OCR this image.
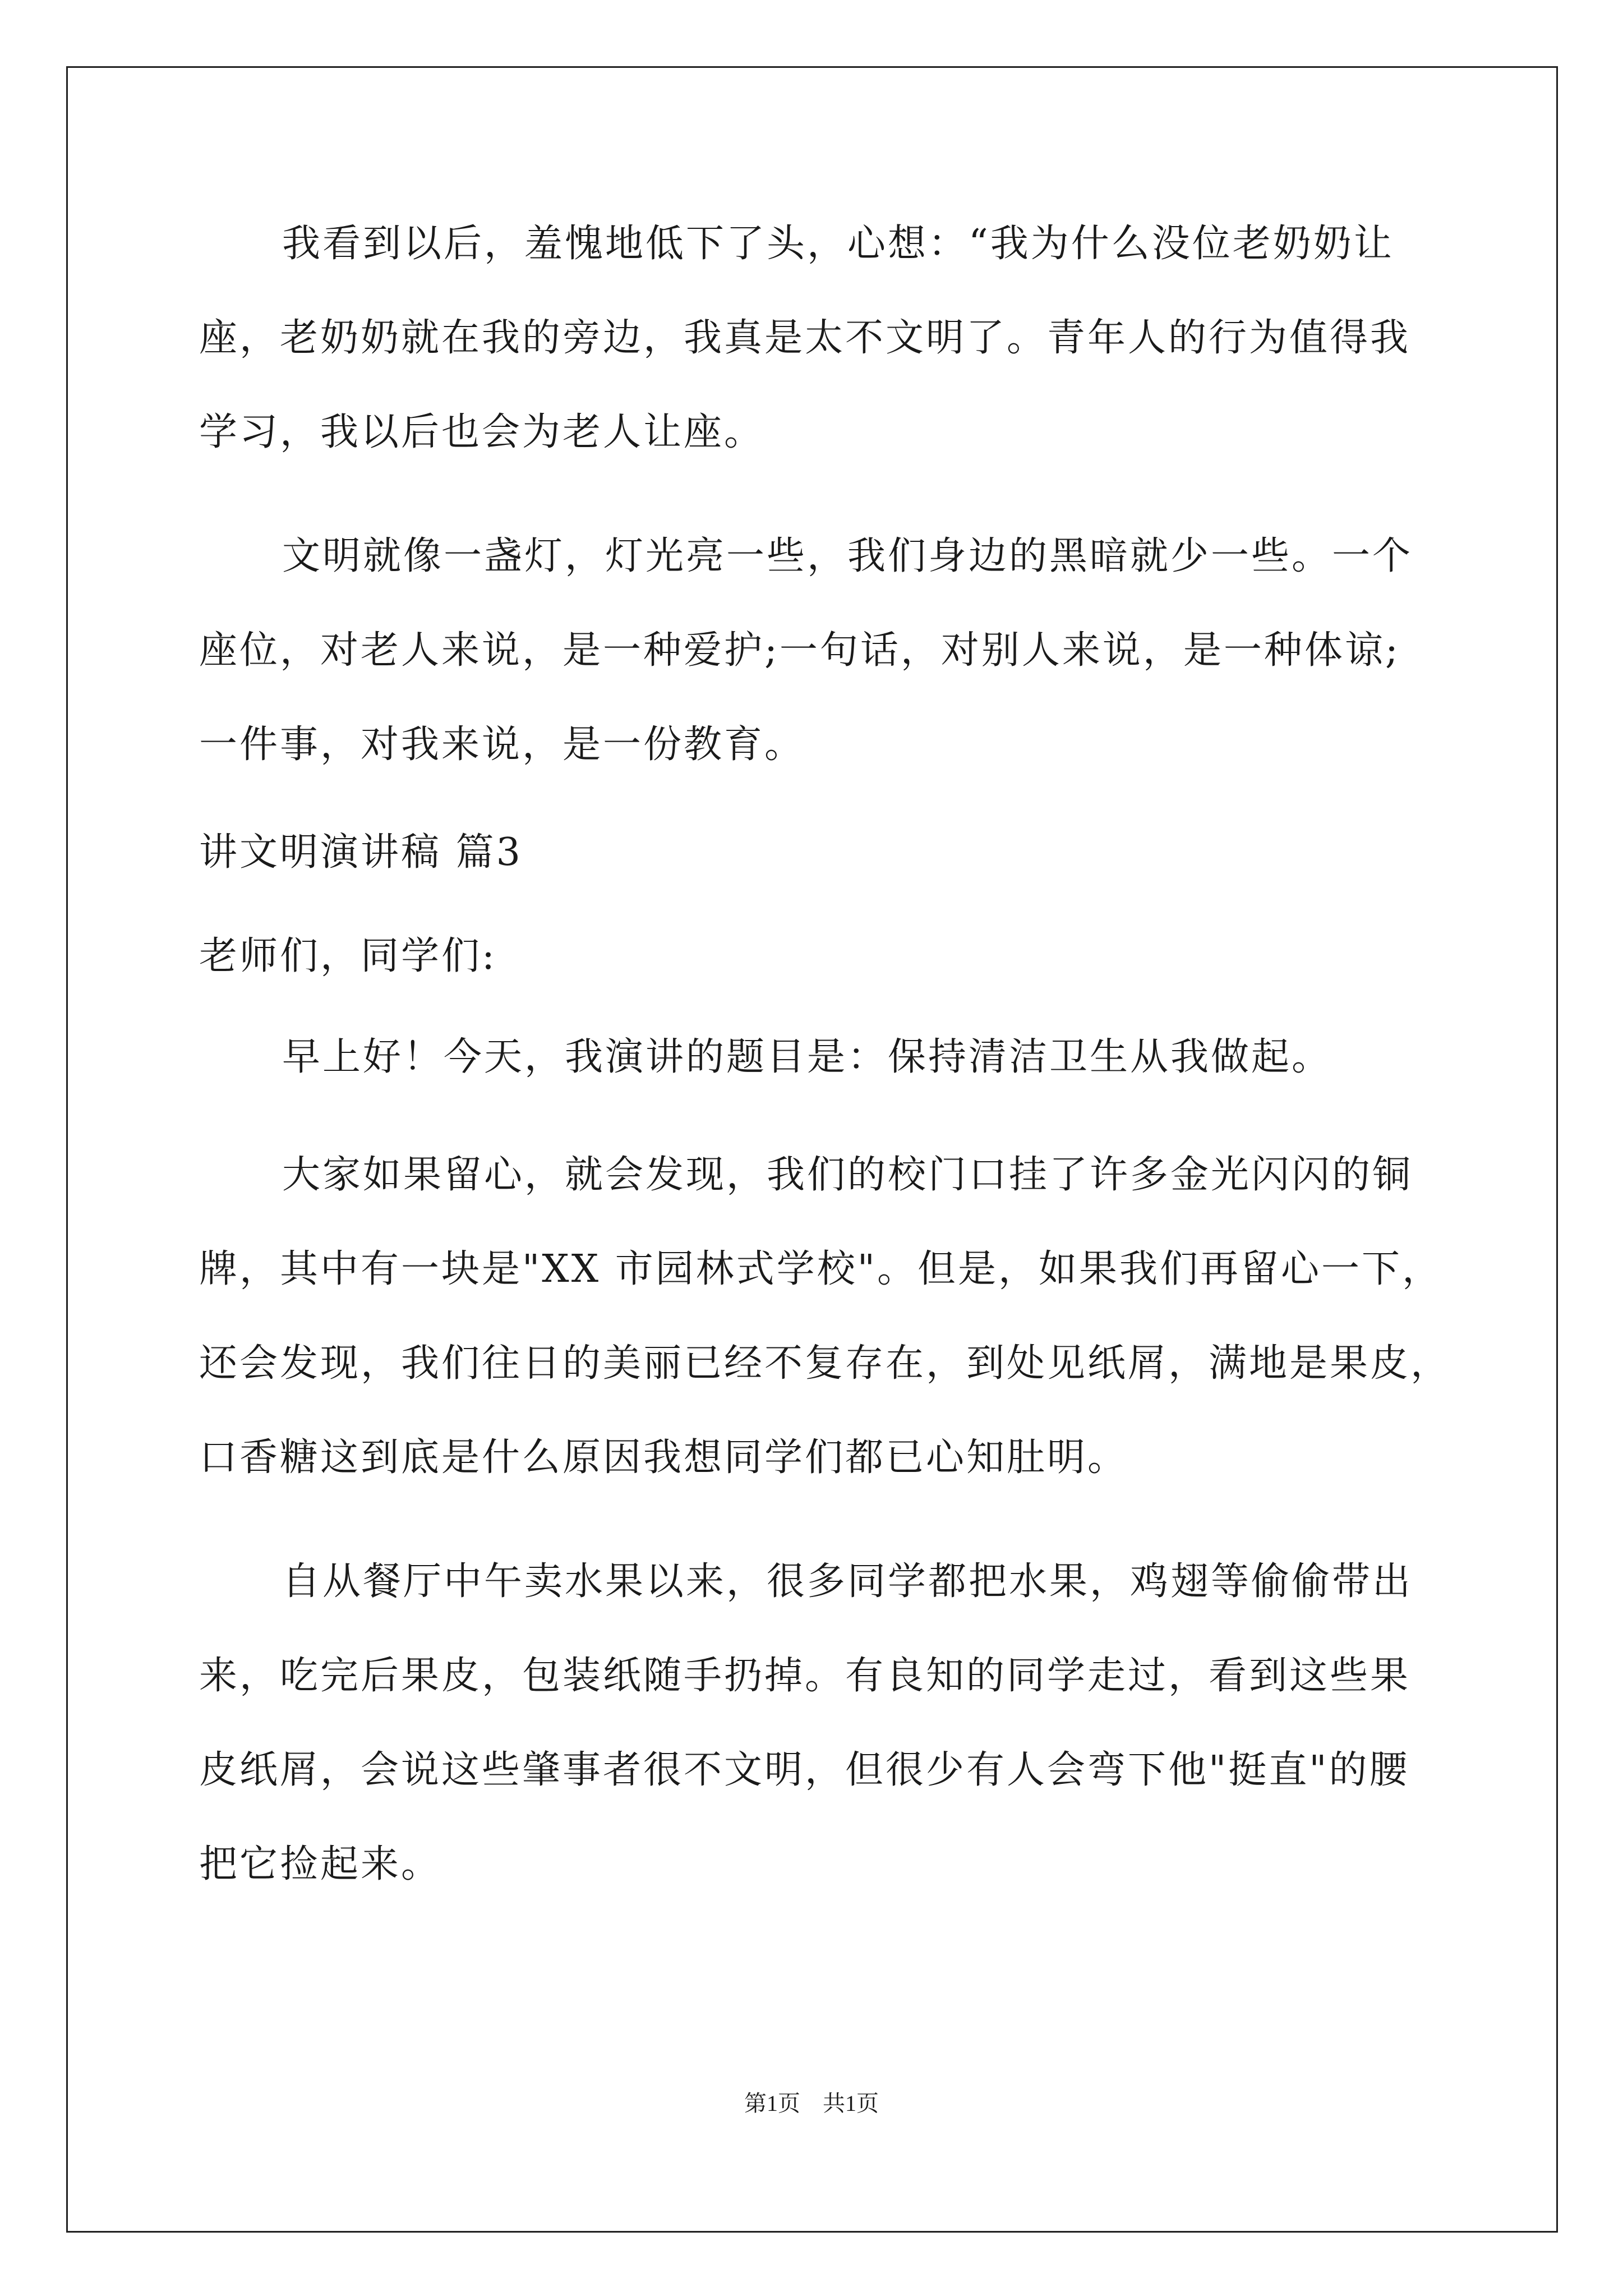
我看到以后，羞愧地低下了头，心想：“我为什么没位老奶奶让
座，老奶奶就在我的旁边，我真是太不文明了。青年人的行为值得我
学习，我以后也会为老人让座。
文明就像一盏灯，灯光亮一些，我们身边的黑暗就少一些。一个
座位，对老人来说，是一种爱护;一句话，对别人来说，是一种体谅;
一件事，对我来说，是一份教育。
讲文明演讲稿 篇3
老师们，同学们:
早上好！今天，我演讲的题目是：保持清洁卫生从我做起。
大家如果留心，就会发现，我们的校门口挂了许多金光闪闪的铜
牌，其中有一块是"XX 市园林式学校"。但是，如果我们再留心一下，
还会发现，我们往日的美丽已经不复存在，到处见纸屑，满地是果皮，
口香糖这到底是什么原因我想同学们都已心知肚明。
自从餐厅中午卖水果以来，很多同学都把水果，鸡翅等偷偷带出
来，吃完后果皮，包装纸随手扔掉。有良知的同学走过，看到这些果
皮纸屑，会说这些肇事者很不文明，但很少有人会弯下他"挺直"的腰
把它捡起来。
第1页　共1页
